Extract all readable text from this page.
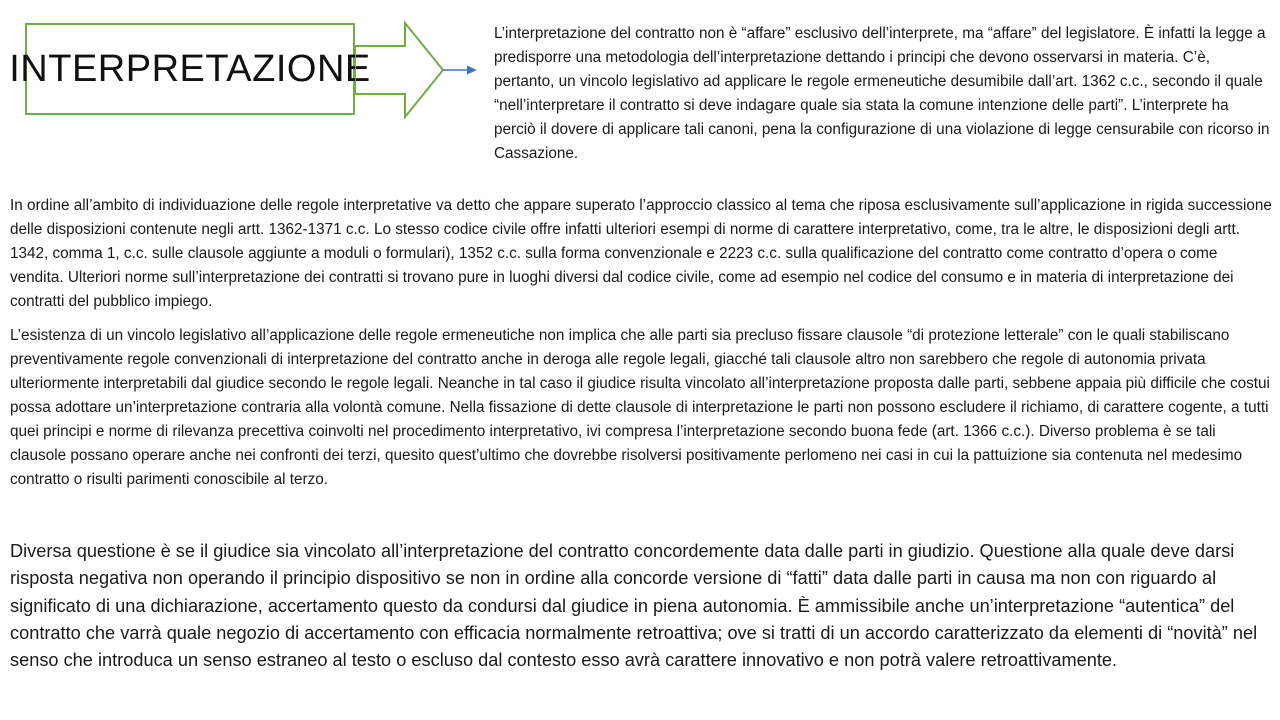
INTERPRETAZIONE

L’interpretazione del contratto non è “affare” esclusivo dell’interprete, ma “affare” del legislatore. È infatti la legge a predisporre una metodologia dell’interpretazione dettando i principi che devono osservarsi in materia. C’è, pertanto, un vincolo legislativo ad applicare le regole ermeneutiche desumibile dall’art. 1362 c.c., secondo il quale “nell’interpretare il contratto si deve indagare quale sia stata la comune intenzione delle parti”. L’interprete ha perciò il dovere di applicare tali canoni, pena la configurazione di una violazione di legge censurabile con ricorso in Cassazione.

In ordine all’ambito di individuazione delle regole interpretative va detto che appare superato l’approccio classico al tema che riposa esclusivamente sull’applicazione in rigida successione delle disposizioni contenute negli artt. 1362-1371 c.c. Lo stesso codice civile offre infatti ulteriori esempi di norme di carattere interpretativo, come, tra le altre, le disposizioni degli artt. 1342, comma 1, c.c. sulle clausole aggiunte a moduli o formulari), 1352 c.c. sulla forma convenzionale e 2223 c.c. sulla qualificazione del contratto come contratto d’opera o come vendita. Ulteriori norme sull’interpretazione dei contratti si trovano pure in luoghi diversi dal codice civile, come ad esempio nel codice del consumo e in materia di interpretazione dei contratti del pubblico impiego.

L’esistenza di un vincolo legislativo all’applicazione delle regole ermeneutiche non implica che alle parti sia precluso fissare clausole “di protezione letterale” con le quali stabiliscano preventivamente regole convenzionali di interpretazione del contratto anche in deroga alle regole legali, giacché tali clausole altro non sarebbero che regole di autonomia privata ulteriormente interpretabili dal giudice secondo le regole legali. Neanche in tal caso il giudice risulta vincolato all’interpretazione proposta dalle parti, sebbene appaia più difficile che costui possa adottare un’interpretazione contraria alla volontà comune. Nella fissazione di dette clausole di interpretazione le parti non possono escludere il richiamo, di carattere cogente, a tutti quei principi e norme di rilevanza precettiva coinvolti nel procedimento interpretativo, ivi compresa l’interpretazione secondo buona fede (art. 1366 c.c.). Diverso problema è se tali clausole possano operare anche nei confronti dei terzi, quesito quest’ultimo che dovrebbe risolversi positivamente perlomeno nei casi in cui la pattuizione sia contenuta nel medesimo contratto o risulti parimenti conoscibile al terzo.

Diversa questione è se il giudice sia vincolato all’interpretazione del contratto concordemente data dalle parti in giudizio. Questione alla quale deve darsi risposta negativa non operando il principio dispositivo se non in ordine alla concorde versione di “fatti” data dalle parti in causa ma non con riguardo al significato di una dichiarazione, accertamento questo da condursi dal giudice in piena autonomia. È ammissibile anche un’interpretazione “autentica” del contratto che varrà quale negozio di accertamento con efficacia normalmente retroattiva; ove si tratti di un accordo caratterizzato da elementi di “novità” nel senso che introduca un senso estraneo al testo o escluso dal contesto esso avrà carattere innovativo e non potrà valere retroattivamente.
